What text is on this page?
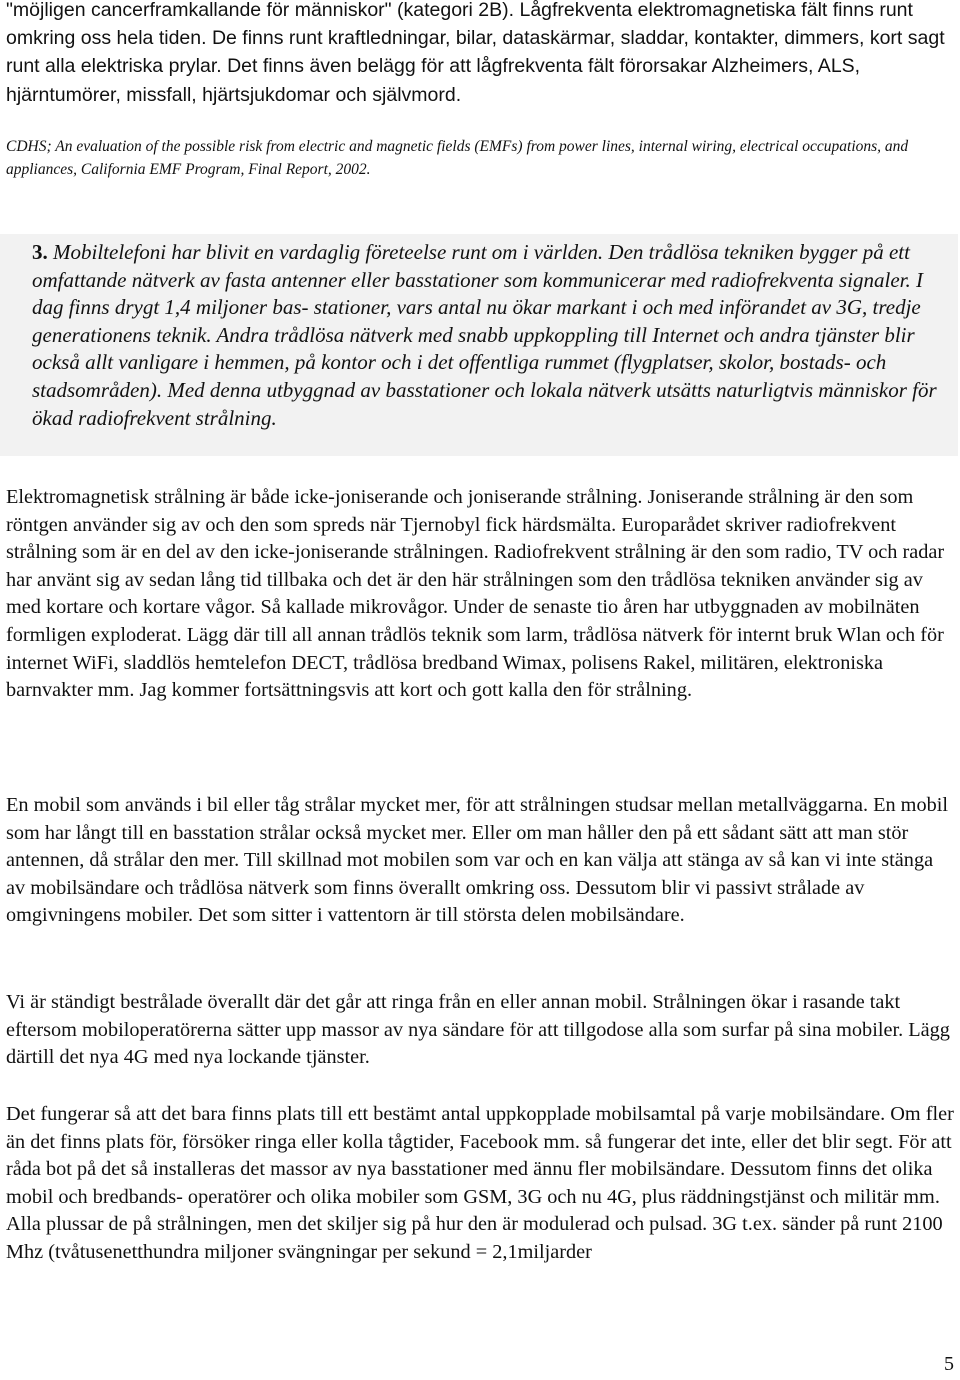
"möjligen cancerframkallande för människor" (kategori 2B). Lågfrekventa elektromagnetiska fält finns runt omkring oss hela tiden. De finns runt kraftledningar, bilar, dataskärmar, sladdar, kontakter, dimmers, kort sagt runt alla elektriska prylar. Det finns även belägg för att lågfrekventa fält förorsakar Alzheimers, ALS, hjärntumörer, missfall, hjärtsjukdomar och självmord.

CDHS; An evaluation of the possible risk from electric and magnetic fields (EMFs) from power lines, internal wiring, electrical occupations, and appliances, California EMF Program, Final Report, 2002.

3. Mobiltelefoni har blivit en vardaglig företeelse runt om i världen. Den trådlösa tekniken bygger på ett omfattande nätverk av fasta antenner eller basstationer som kommunicerar med radiofrekventa signaler. I dag finns drygt 1,4 miljoner bas- stationer, vars antal nu ökar markant i och med införandet av 3G, tredje generationens teknik. Andra trådlösa nätverk med snabb uppkoppling till Internet och andra tjänster blir också allt vanligare i hemmen, på kontor och i det offentliga rummet (flygplatser, skolor, bostads- och stadsområden). Med denna utbyggnad av basstationer och lokala nätverk utsätts naturligtvis människor för ökad radiofrekvent strålning.

Elektromagnetisk strålning är både icke-joniserande och joniserande strålning. Joniserande strålning är den som röntgen använder sig av och den som spreds när Tjernobyl fick härdsmälta. Europarådet skriver radiofrekvent strålning som är en del av den icke-joniserande strålningen. Radiofrekvent strålning är den som radio, TV och radar har använt sig av sedan lång tid tillbaka och det är den här strålningen som den trådlösa tekniken använder sig av med kortare och kortare vågor. Så kallade mikrovågor. Under de senaste tio åren har utbyggnaden av mobilnäten formligen exploderat. Lägg där till all annan trådlös teknik som larm, trådlösa nätverk för internt bruk Wlan och för internet WiFi, sladdlös hemtelefon DECT, trådlösa bredband Wimax, polisens Rakel, militären, elektroniska barnvakter mm. Jag kommer fortsättningsvis att kort och gott kalla den för strålning.

En mobil som används i bil eller tåg strålar mycket mer, för att strålningen studsar mellan metallväggarna. En mobil som har långt till en basstation strålar också mycket mer. Eller om man håller den på ett sådant sätt att man stör antennen, då strålar den mer. Till skillnad mot mobilen som var och en kan välja att stänga av så kan vi inte stänga av mobilsändare och trådlösa nätverk som finns överallt omkring oss. Dessutom blir vi passivt strålade av omgivningens mobiler. Det som sitter i vattentorn är till största delen mobilsändare.

Vi är ständigt bestrålade överallt där det går att ringa från en eller annan mobil. Strålningen ökar i rasande takt eftersom mobiloperatörerna sätter upp massor av nya sändare för att tillgodose alla som surfar på sina mobiler. Lägg därtill det nya 4G med nya lockande tjänster.

Det fungerar så att det bara finns plats till ett bestämt antal uppkopplade mobilsamtal på varje mobilsändare. Om fler än det finns plats för, försöker ringa eller kolla tågtider, Facebook mm. så fungerar det inte, eller det blir segt. För att råda bot på det så installeras det massor av nya basstationer med ännu fler mobilsändare. Dessutom finns det olika mobil och bredbands- operatörer och olika mobiler som GSM, 3G och nu 4G, plus räddningstjänst och militär mm. Alla plussar de på strålningen, men det skiljer sig på hur den är modulerad och pulsad. 3G t.ex. sänder på runt 2100 Mhz (tvåtusenetthundra miljoner svängningar per sekund = 2,1miljarder

5
